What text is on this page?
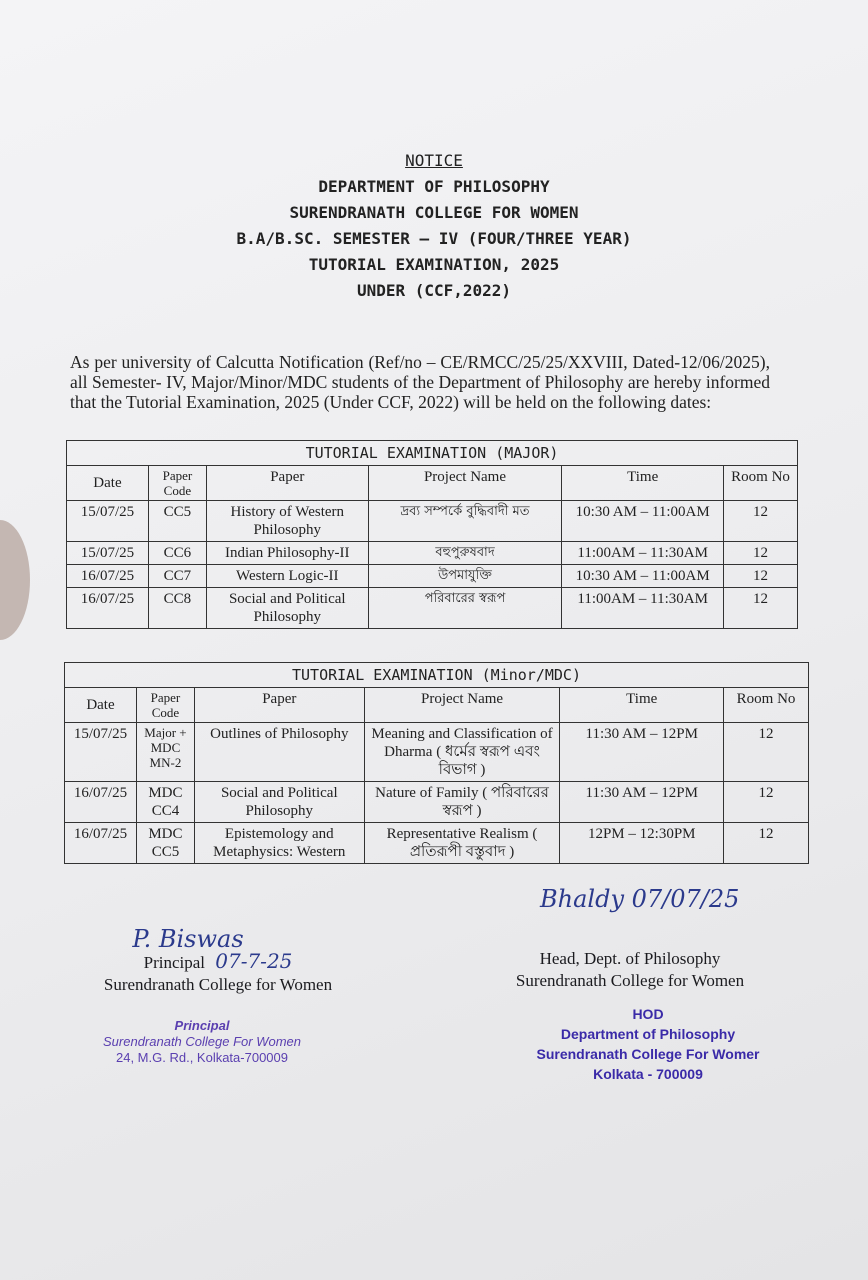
NOTICE
DEPARTMENT OF PHILOSOPHY
SURENDRANATH COLLEGE FOR WOMEN
B.A/B.SC. SEMESTER – IV (FOUR/THREE YEAR)
TUTORIAL EXAMINATION, 2025
UNDER (CCF,2022)

As per university of Calcutta Notification (Ref/no – CE/RMCC/25/25/XXVIII, Dated-12/06/2025), all Semester- IV, Major/Minor/MDC students of the Department of Philosophy are hereby informed that the Tutorial Examination, 2025 (Under CCF, 2022) will be held on the following dates:

TUTORIAL EXAMINATION (MAJOR)					
Date	Paper Code	Paper	Project Name	Time	Room No
15/07/25	CC5	History of Western Philosophy	দ্রব্য সম্পর্কে বুদ্ধিবাদী মত	10:30 AM – 11:00AM	12
15/07/25	CC6	Indian Philosophy-II	বহুপুরুষবাদ	11:00AM – 11:30AM	12
16/07/25	CC7	Western Logic-II	উপমাযুক্তি	10:30 AM – 11:00AM	12
16/07/25	CC8	Social and Political Philosophy	পরিবারের স্বরূপ	11:00AM – 11:30AM	12
TUTORIAL EXAMINATION (Minor/MDC)					
Date	Paper Code	Paper	Project Name	Time	Room No
15/07/25	Major + MDC MN-2	Outlines of Philosophy	Meaning and Classification of Dharma ( ধর্মের স্বরূপ এবং বিভাগ )	11:30 AM – 12PM	12
16/07/25	MDC CC4	Social and Political Philosophy	Nature of Family ( পরিবারের স্বরূপ )	11:30 AM – 12PM	12
16/07/25	MDC CC5	Epistemology and Metaphysics: Western	Representative Realism ( প্রতিরূপী বস্তুবাদ )	12PM – 12:30PM	12
P. Biswas
Principal 07-7-25
Surendranath College for Women
Principal
Surendranath College For Women
24, M.G. Rd., Kolkata-700009
Bhaldy 07/07/25
Head, Dept. of Philosophy
Surendranath College for Women
HOD
Department of Philosophy
Surendranath College For Womer
Kolkata - 700009
